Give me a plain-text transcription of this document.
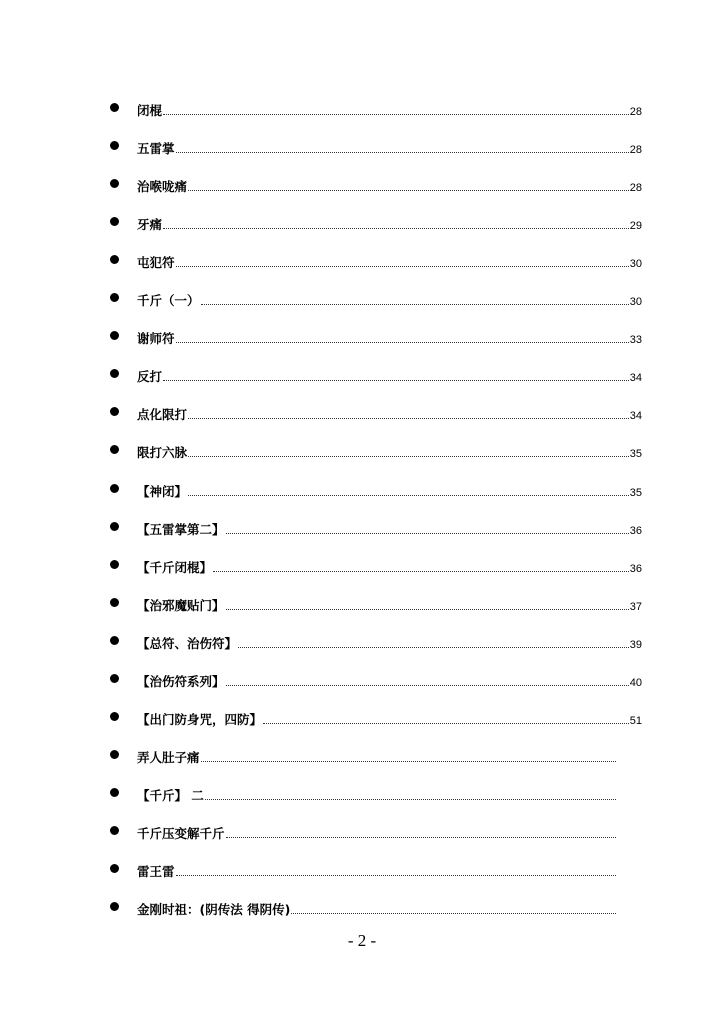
闭棍	28
五雷掌	28
治喉咙痛	28
牙痛	29
屯犯符	30
千斤（一）	30
谢师符	33
反打	34
点化限打	34
限打六脉	35
【神闭】	35
【五雷掌第二】	36
【千斤闭棍】	36
【治邪魔贴门】	37
【总符、治伤符】	39
【治伤符系列】	40
【出门防身咒，四防】	51
弄人肚子痛
【千斤】 二
千斤压变解千斤
雷王雷
金刚时祖：(阴传法 得阴传)
- 2 -
